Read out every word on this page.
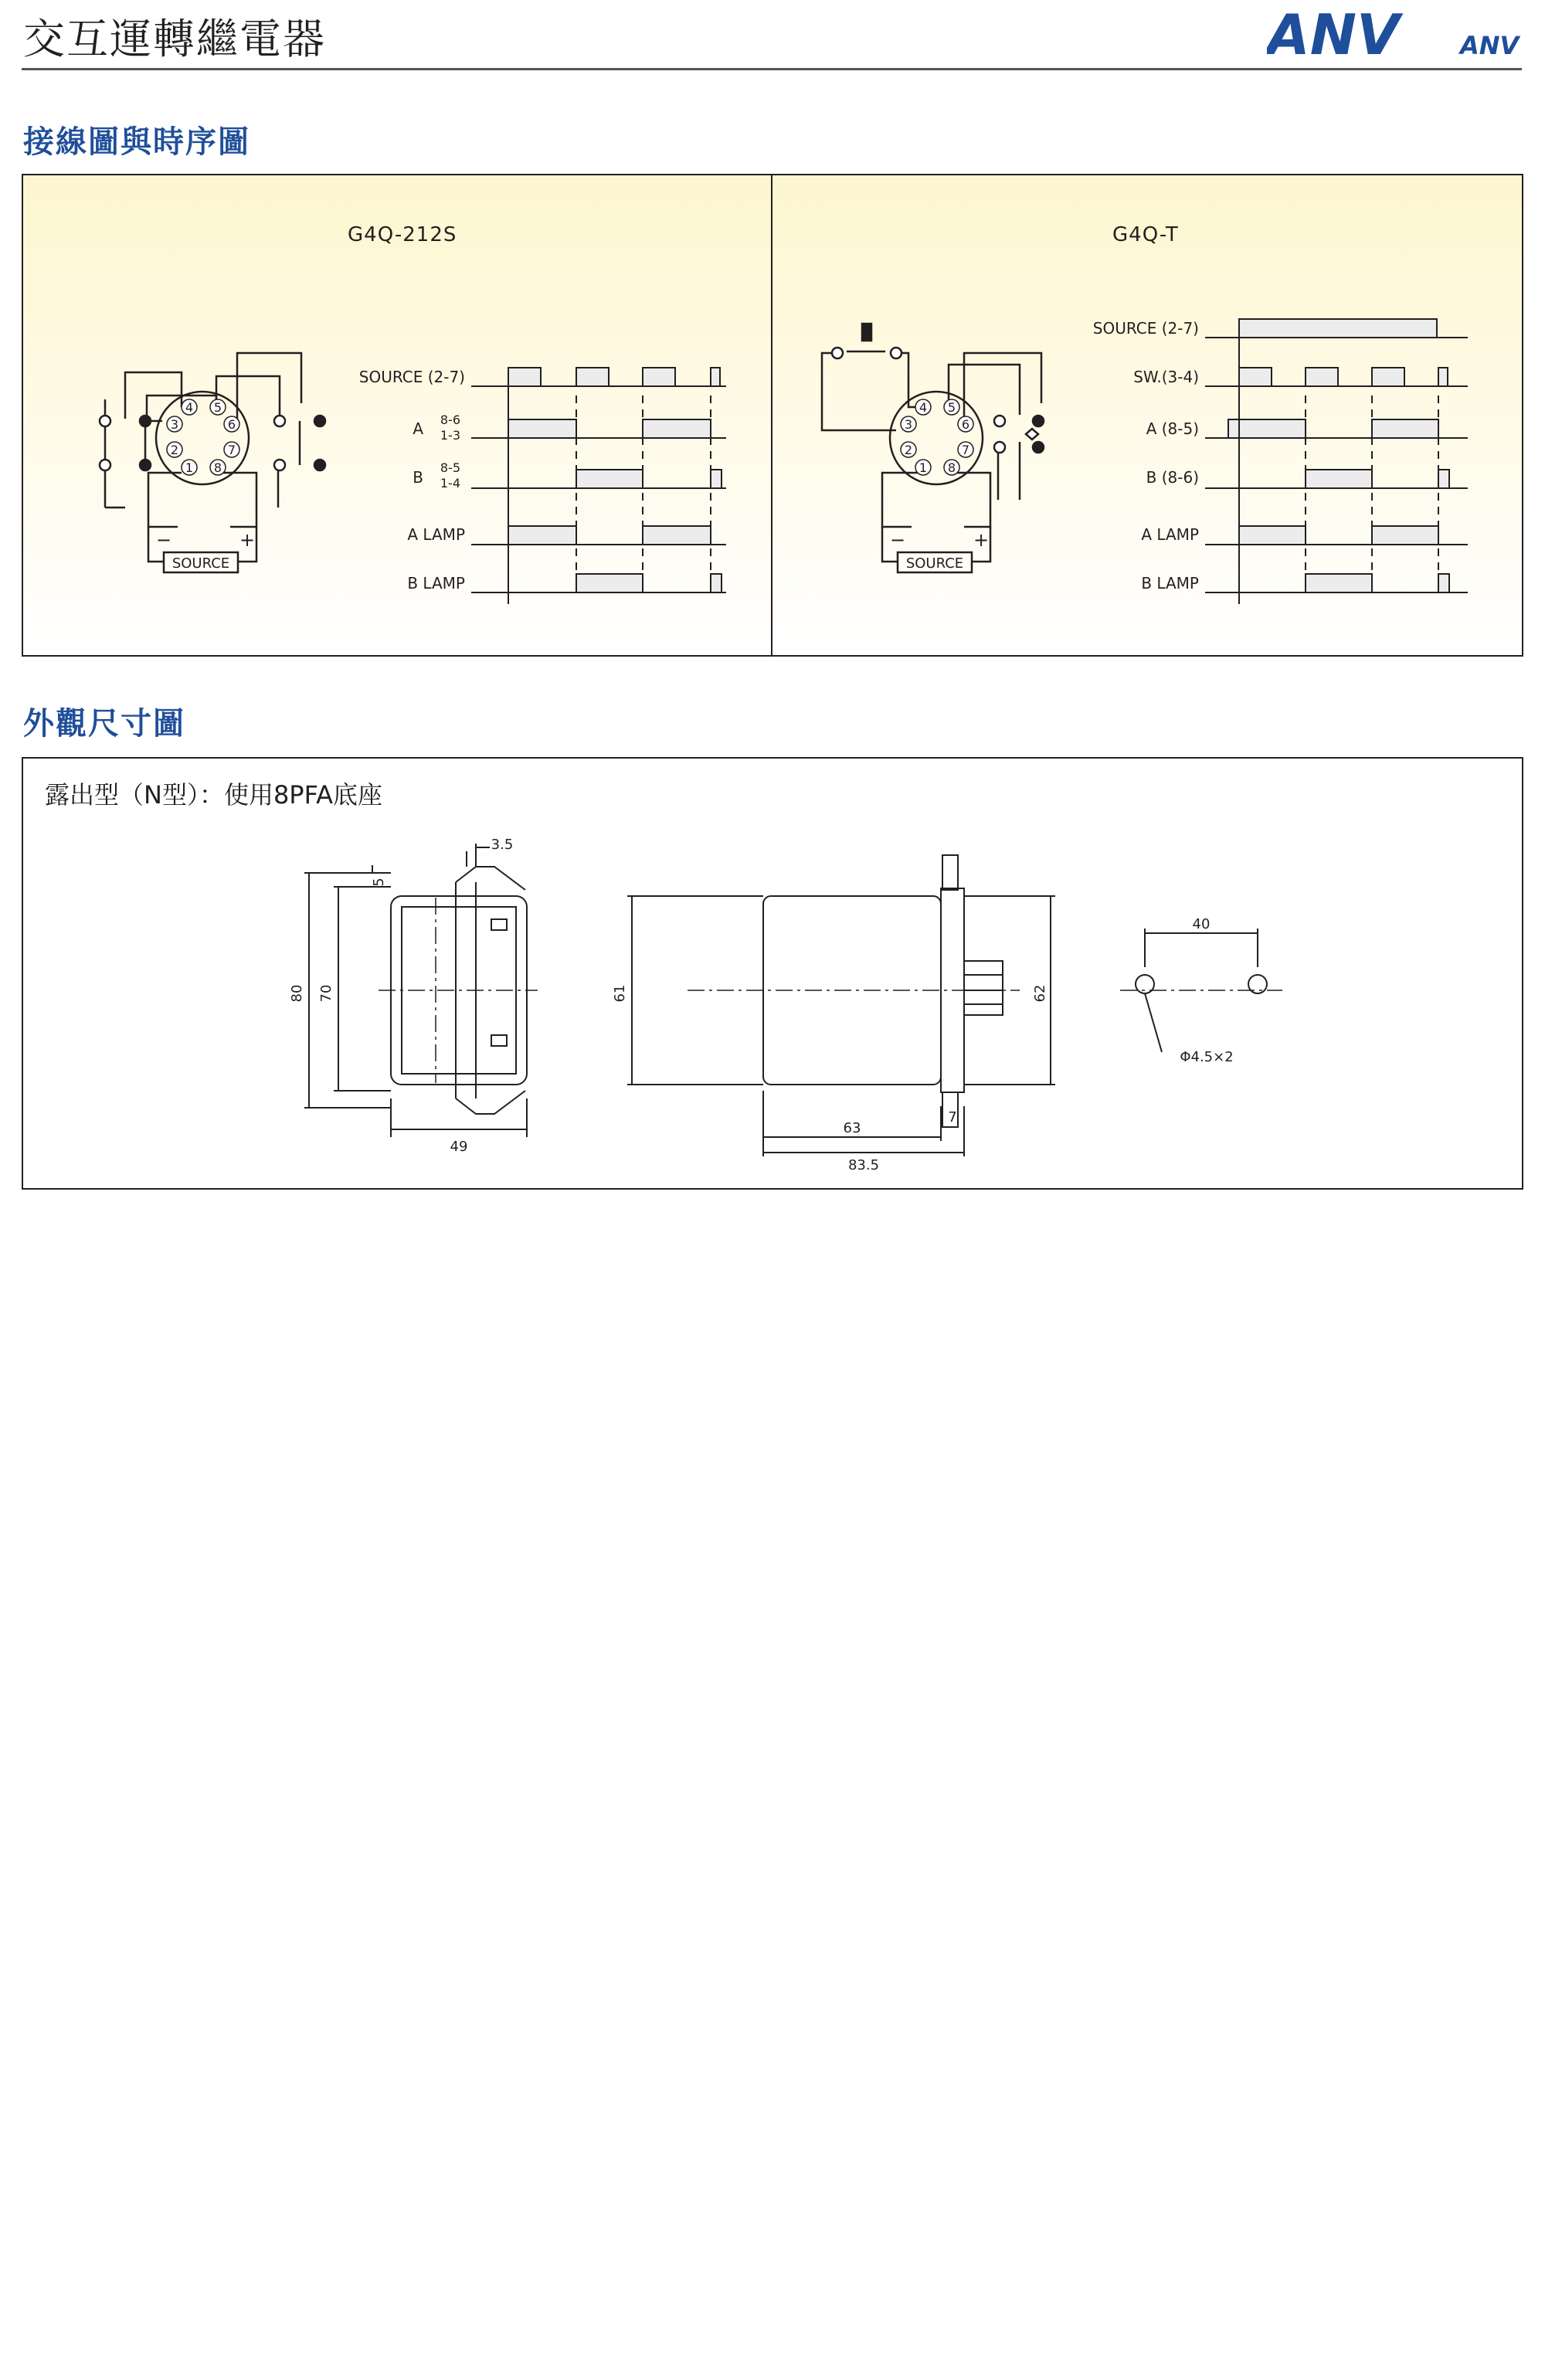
交互運轉繼電器	ANV ANV
接線圖與時序圖
G4Q-212S
4 5
3	6
2	7
1 8
−	+
SOURCE
SOURCE (2-7)
A 8-6
1-3
B
8-5
1-4
A LAMP
B LAMP
G4Q-T
4 5
3	6
2	7
1 8
−	+
SOURCE
SOURCE (2-7)
SW.(3-4)
A (8-5)
B (8-6)
A LAMP
B LAMP
外觀尺寸圖
露出型（N型）：使用8PFA底座
3.5
5
80 70
49
61	62
63
7
83.5
40
Φ4.5×2
